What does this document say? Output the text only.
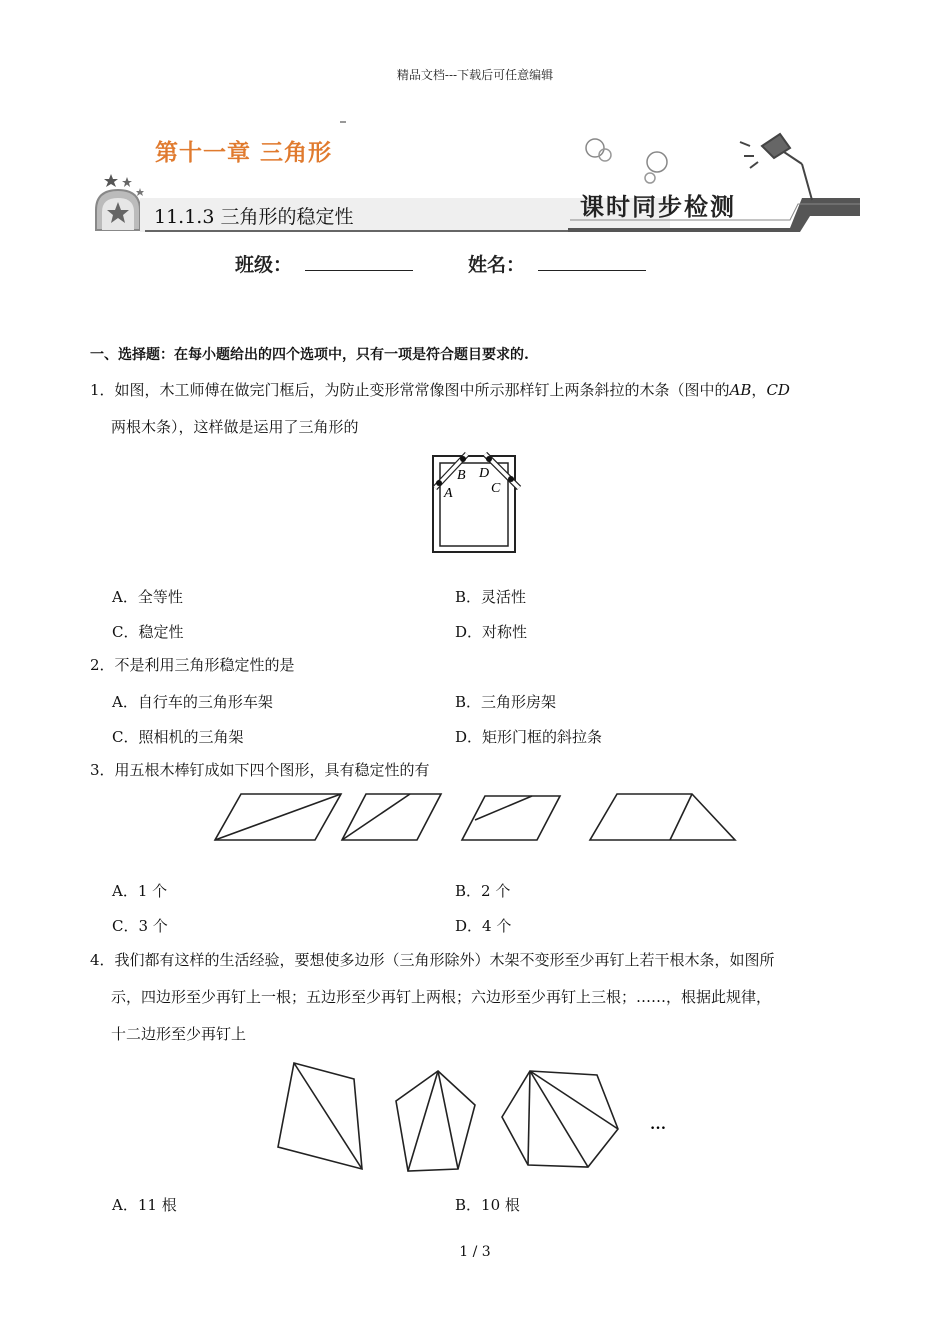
精品文档---下载后可任意编辑
第十一章 三角形
11.1.3 三角形的稳定性	课时同步检测
班级：	姓名：
一、选择题：在每小题给出的四个选项中，只有一项是符合题目要求的.
1．如图，木工师傅在做完门框后，为防止变形常常像图中所示那样钉上两条斜拉的木条（图中的AB，CD
两根木条），这样做是运用了三角形的
A
B D
C
A．全等性	B．灵活性
C．稳定性	D．对称性
2．不是利用三角形稳定性的是
A．自行车的三角形车架	B．三角形房架
C．照相机的三角架	D．矩形门框的斜拉条
3．用五根木棒钉成如下四个图形，具有稳定性的有
A．1 个	B．2 个
C．3 个	D．4 个
4．我们都有这样的生活经验，要想使多边形（三角形除外）木架不变形至少再钉上若干根木条，如图所
示，四边形至少再钉上一根；五边形至少再钉上两根；六边形至少再钉上三根；……，根据此规律，
十二边形至少再钉上
…
A．11 根	B．10 根
1 / 3
